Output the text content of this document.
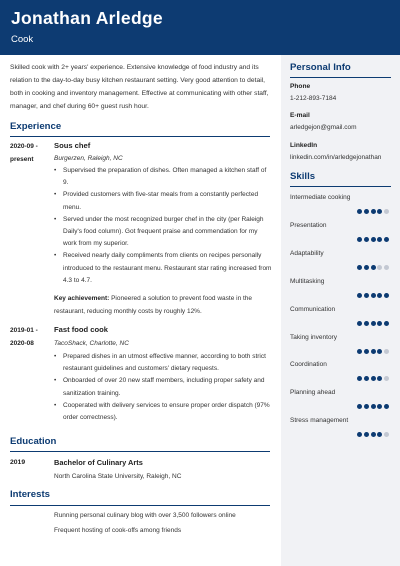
Jonathan Arledge
Cook
Personal Info
Phone
1-212-893-7184
E-mail
arledgejon@gmail.com
LinkedIn
linkedin.com/in/arledgejonathan
Skills
Intermediate cooking
Presentation
Adaptability
Multitasking
Communication
Taking inventory
Coordination
Planning ahead
Stress management

Skilled cook with 2+ years' experience. Extensive knowledge of food industry and its relation to the day-to-day busy kitchen restaurant setting. Very good attention to detail, both in cooking and inventory management. Effective at communicating with other staff, manager, and chef during 60+ guest rush hour.

Experience
2020-09 -
present
Sous chef
Burgerzen, Raleigh, NC
• Supervised the preparation of dishes. Often managed a kitchen staff of 9.
• Provided customers with five-star meals from a constantly perfected menu.
• Served under the most recognized burger chef in the city (per Raleigh Daily's food column). Got frequent praise and commendation for my work from my superior.
• Received nearly daily compliments from clients on recipes personally introduced to the restaurant menu. Restaurant star rating increased from 4.3 to 4.7.
Key achievement: Pioneered a solution to prevent food waste in the restaurant, reducing monthly costs by roughly 12%.
2019-01 -
2020-08
Fast food cook
TacoShack, Charlotte, NC
• Prepared dishes in an utmost effective manner, according to both strict restaurant guidelines and customers' dietary requests.
• Onboarded of over 20 new staff members, including proper safety and sanitization training.
• Cooperated with delivery services to ensure proper order dispatch (97% order correctness).
Education
2019	Bachelor of Culinary Arts
North Carolina State University, Raleigh, NC
Interests
Running personal culinary blog with over 3,500 followers online
Frequent hosting of cook-offs among friends
